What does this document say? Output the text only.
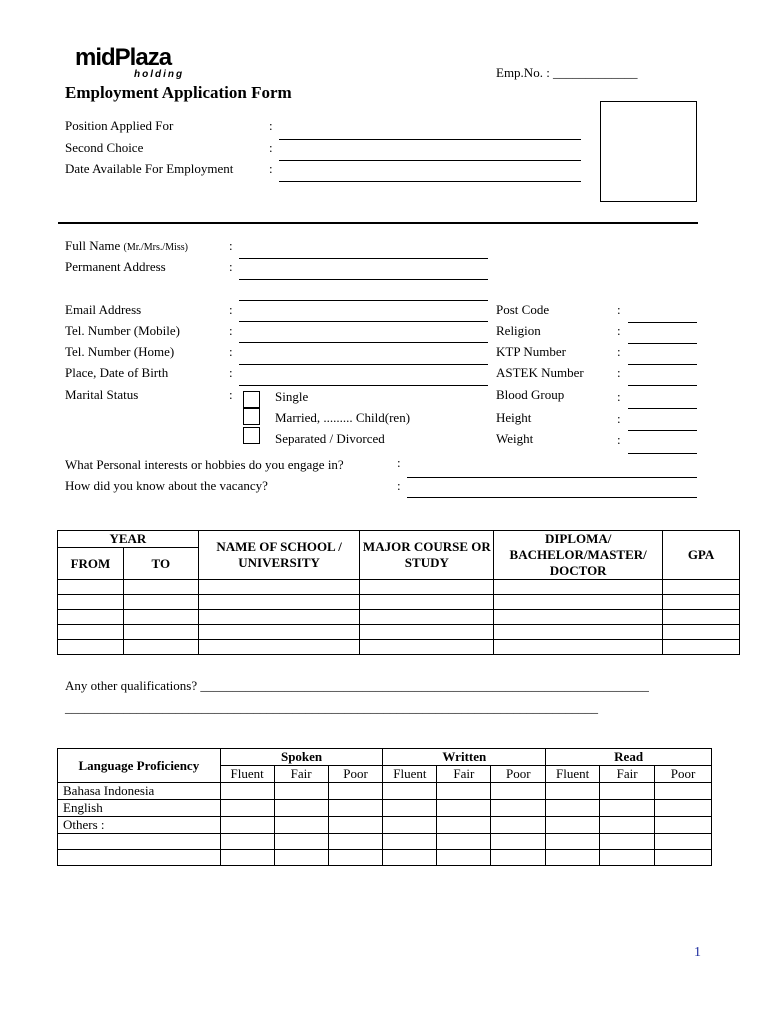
midPlaza
holding	Emp.No. : _____________
Employment Application Form
Position Applied For	:
Second Choice	:
Date Available For Employment	:
Full Name (Mr./Mrs./Miss)	:
Permanent Address	:
Email Address	:
Tel. Number (Mobile)	:
Tel. Number (Home)	:
Place, Date of Birth	:
Marital Status	:	Single
Married, ......... Child(ren)
Separated / Divorced
Post Code	:
Religion	:
KTP Number	:
ASTEK Number	:
Blood Group	:
Height	:
Weight	:
What Personal interests or hobbies do you engage in?	:
How did you know about the vacancy?	:
YEAR		NAME OF SCHOOL / UNIVERSITY	MAJOR COURSE OR STUDY	DIPLOMA/ BACHELOR/MASTER/ DOCTOR	GPA
FROM	TO				

Any other qualifications? _____________________________________________________________________
__________________________________________________________________________________
Language Proficiency	Spoken			Written			Read		
	Fluent	Fair	Poor	Fluent	Fair	Poor	Fluent	Fair	Poor
Bahasa Indonesia									
English									
Others :									

1
